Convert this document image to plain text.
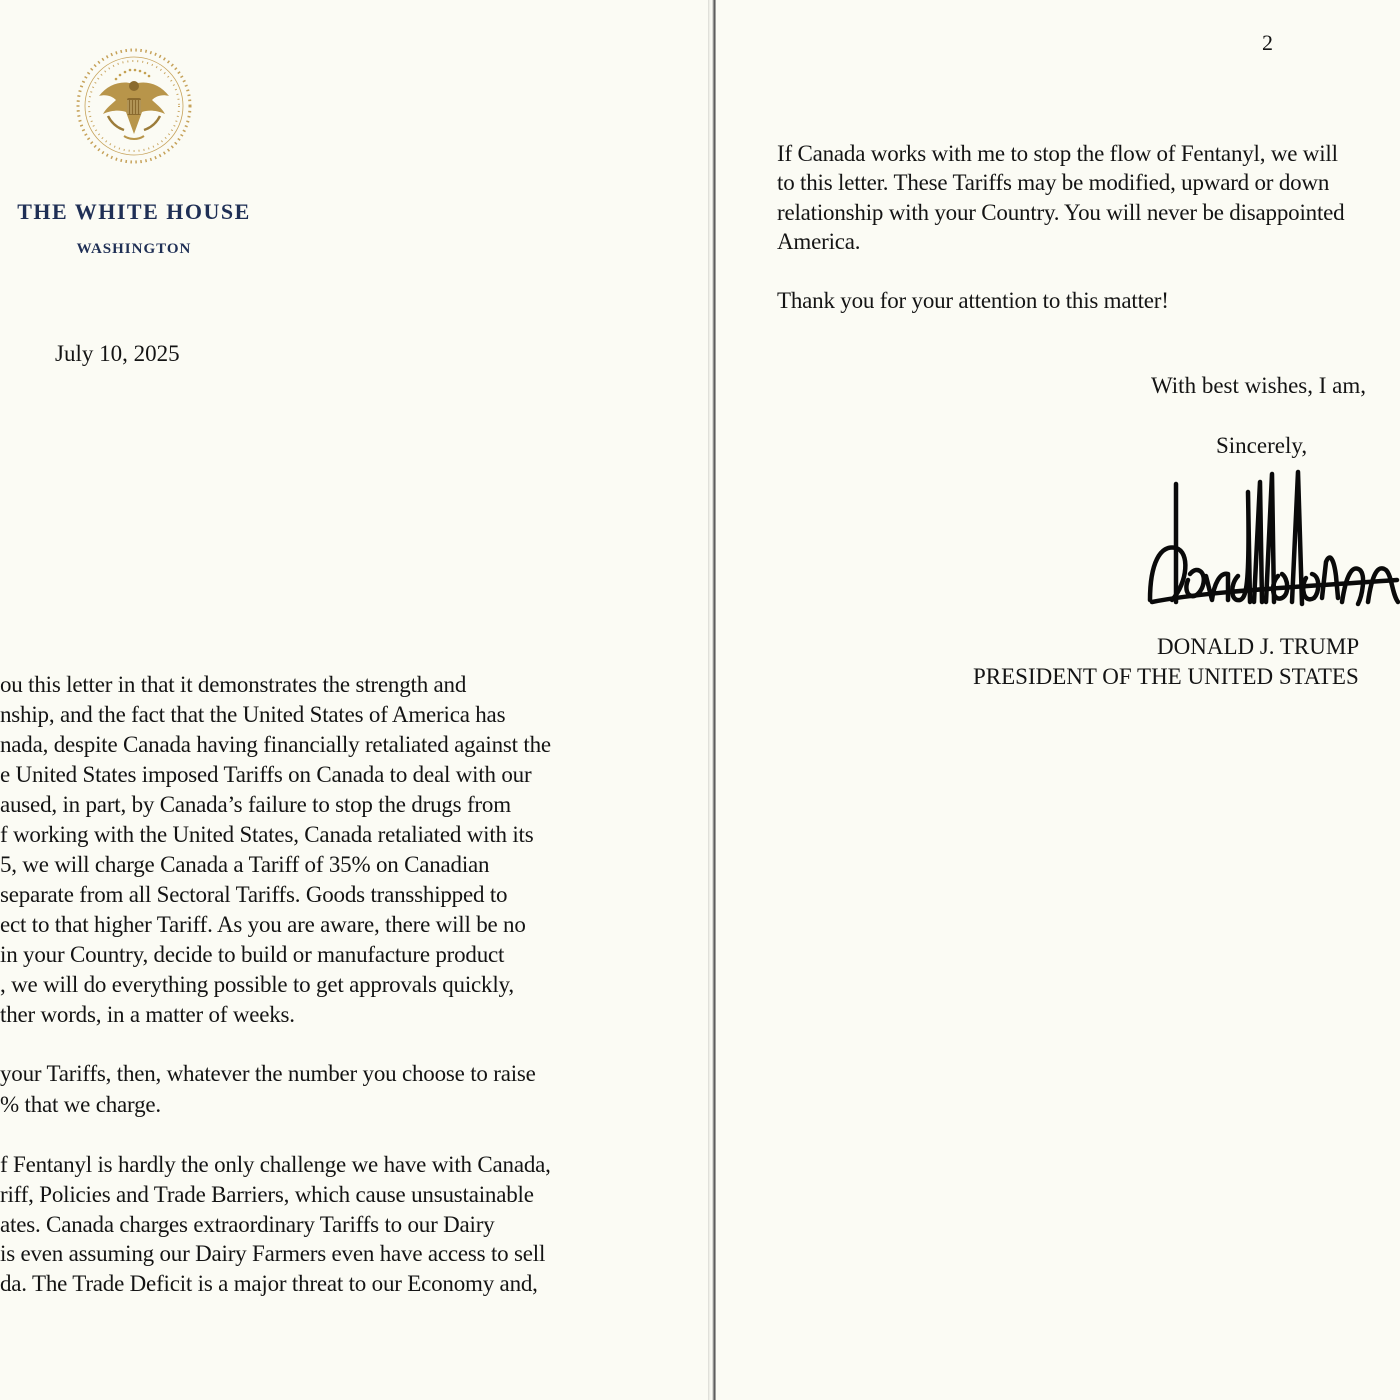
THE WHITE HOUSE
WASHINGTON
July 10, 2025
ou this letter in that it demonstrates the strength and
nship, and the fact that the United States of America has
nada, despite Canada having financially retaliated against the
e United States imposed Tariffs on Canada to deal with our
aused, in part, by Canada’s failure to stop the drugs from
f working with the United States, Canada retaliated with its
5, we will charge Canada a Tariff of 35% on Canadian
separate from all Sectoral Tariffs. Goods transshipped to
ect to that higher Tariff. As you are aware, there will be no
in your Country, decide to build or manufacture product
, we will do everything possible to get approvals quickly,
ther words, in a matter of weeks.
your Tariffs, then, whatever the number you choose to raise
% that we charge.
f Fentanyl is hardly the only challenge we have with Canada,
riff, Policies and Trade Barriers, which cause unsustainable
ates. Canada charges extraordinary Tariffs to our Dairy
is even assuming our Dairy Farmers even have access to sell
da. The Trade Deficit is a major threat to our Economy and,
2
If Canada works with me to stop the flow of Fentanyl, we will
to this letter. These Tariffs may be modified, upward or down
relationship with your Country. You will never be disappointed
America.
Thank you for your attention to this matter!
With best wishes, I am,
Sincerely,
DONALD J. TRUMP
PRESIDENT OF THE UNITED STATES
